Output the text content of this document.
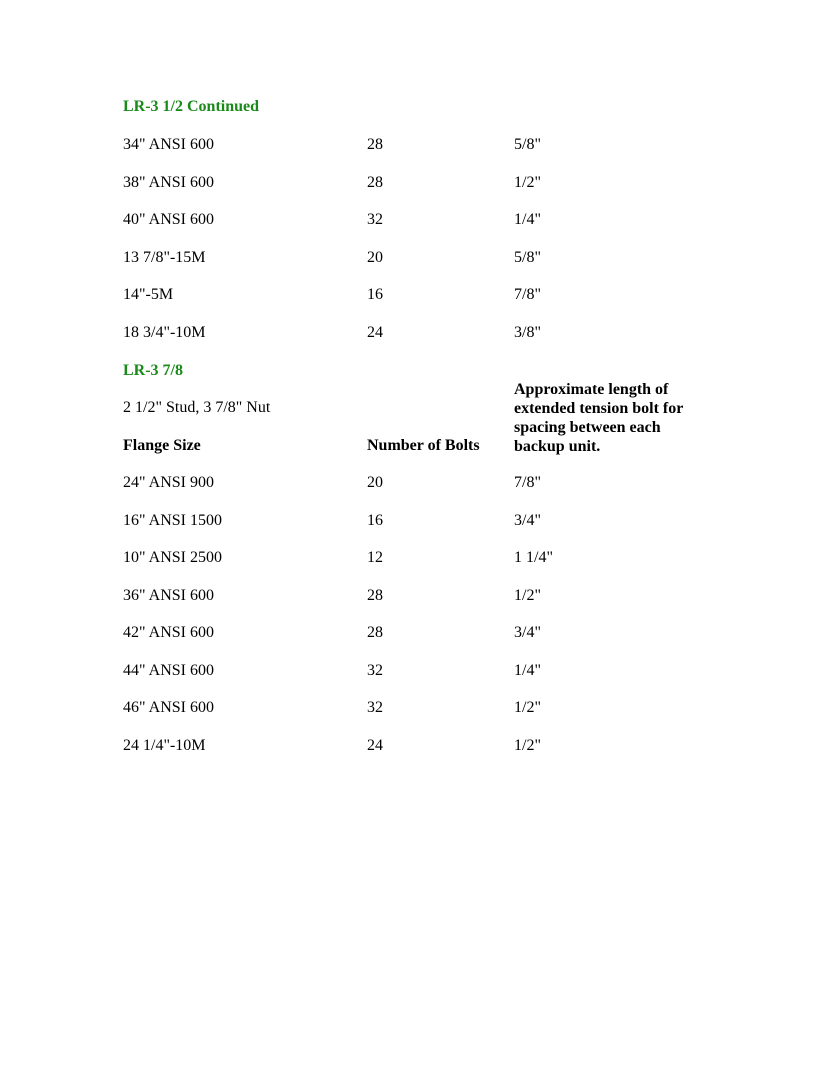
LR-3 1/2 Continued
34" ANSI 600	28	5/8"
38" ANSI 600	28	1/2"
40" ANSI 600	32	1/4"
13 7/8"-15M	20	5/8"
14"-5M	16	7/8"
18 3/4"-10M	24	3/8"
LR-3 7/8
2 1/2" Stud, 3 7/8" Nut
Flange Size	Number of Bolts
Approximate length of
extended tension bolt for
spacing between each
backup unit.
24" ANSI 900	20	7/8"
16" ANSI 1500	16	3/4"
10" ANSI 2500	12	1 1/4"
36" ANSI 600	28	1/2"
42" ANSI 600	28	3/4"
44" ANSI 600	32	1/4"
46" ANSI 600	32	1/2"
24 1/4"-10M	24	1/2"
